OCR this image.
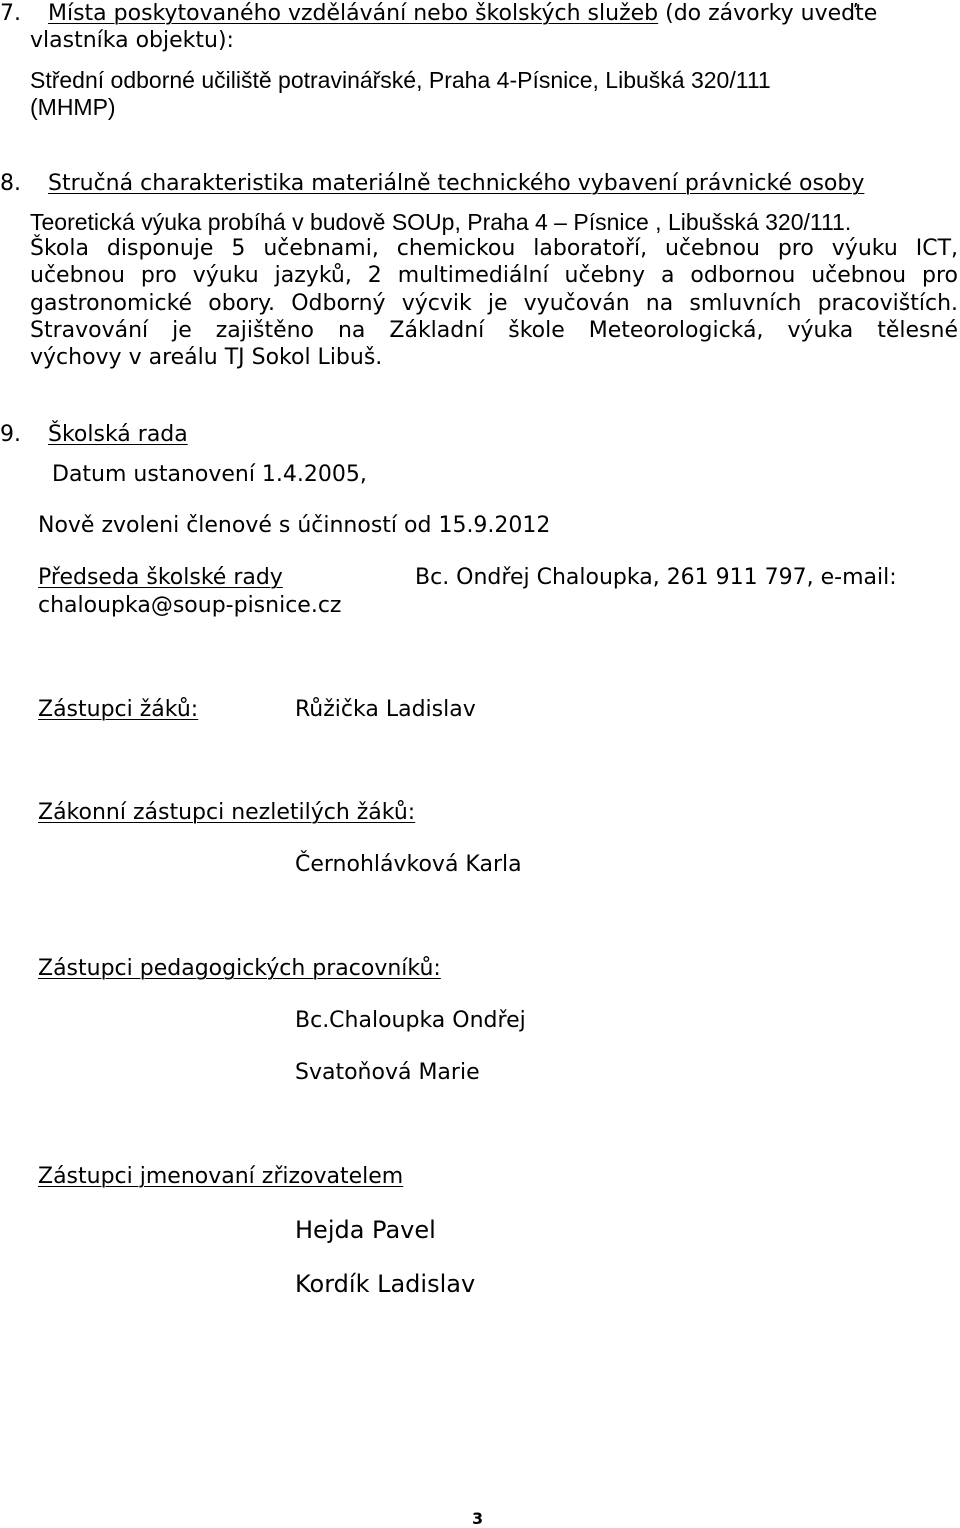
7. Místa poskytovaného vzdělávání nebo školských služeb (do závorky uveďte
vlastníka objektu):
Střední odborné učiliště potravinářské, Praha 4-Písnice, Libušká 320/111
(MHMP)
8. Stručná charakteristika materiálně technického vybavení právnické osoby
Teoretická výuka probíhá v budově SOUp, Praha 4 – Písnice , Libušská 320/111.
Škola disponuje 5 učebnami, chemickou laboratoří, učebnou pro výuku ICT,
učebnou pro výuku jazyků, 2 multimediální učebny a odbornou učebnou pro
gastronomické obory. Odborný výcvik je vyučován na smluvních pracovištích.
Stravování je zajištěno na Základní škole Meteorologická, výuka tělesné
výchovy v areálu TJ Sokol Libuš.
9. Školská rada
Datum ustanovení 1.4.2005,
Nově zvoleni členové s účinností od 15.9.2012
Předseda školské rady	Bc. Ondřej Chaloupka, 261 911 797, e-mail:
chaloupka@soup-pisnice.cz
Zástupci žáků:	Růžička Ladislav
Zákonní zástupci nezletilých žáků:
Černohlávková Karla
Zástupci pedagogických pracovníků:
Bc.Chaloupka Ondřej
Svatoňová Marie
Zástupci jmenovaní zřizovatelem
Hejda Pavel
Kordík Ladislav
3
